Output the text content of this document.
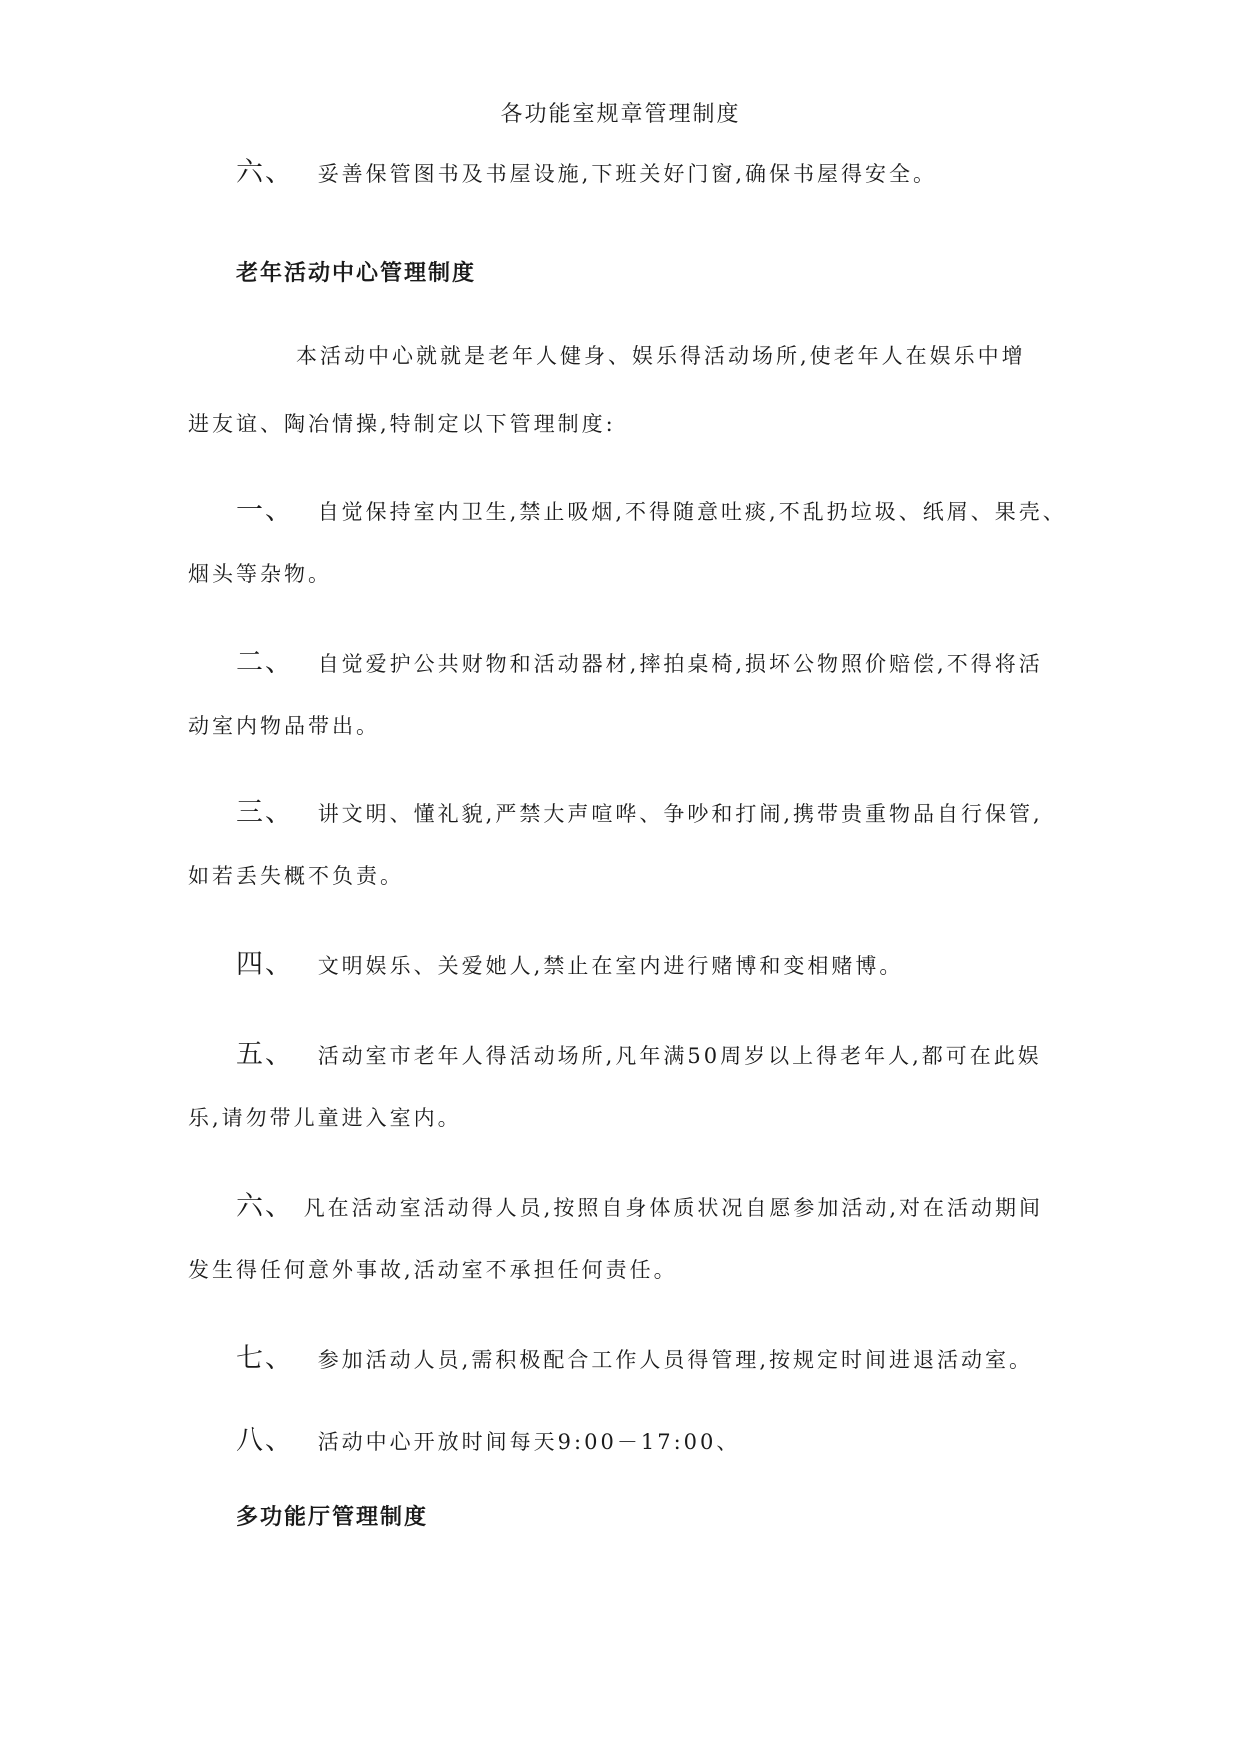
各功能室规章管理制度
六、 妥善保管图书及书屋设施,下班关好门窗,确保书屋得安全。
老年活动中心管理制度
本活动中心就就是老年人健身、娱乐得活动场所,使老年人在娱乐中增
进友谊、陶冶情操,特制定以下管理制度:
一、 自觉保持室内卫生,禁止吸烟,不得随意吐痰,不乱扔垃圾、纸屑、果壳、
烟头等杂物。
二、 自觉爱护公共财物和活动器材,摔拍桌椅,损坏公物照价赔偿,不得将活
动室内物品带出。
三、 讲文明、懂礼貌,严禁大声喧哗、争吵和打闹,携带贵重物品自行保管,
如若丢失概不负责。
四、 文明娱乐、关爱她人,禁止在室内进行赌博和变相赌博。
五、 活动室市老年人得活动场所,凡年满50周岁以上得老年人,都可在此娱
乐,请勿带儿童进入室内。
六、 凡在活动室活动得人员,按照自身体质状况自愿参加活动,对在活动期间
发生得任何意外事故,活动室不承担任何责任。
七、 参加活动人员,需积极配合工作人员得管理,按规定时间进退活动室。
八、 活动中心开放时间每天9:00－17:00、
多功能厅管理制度
